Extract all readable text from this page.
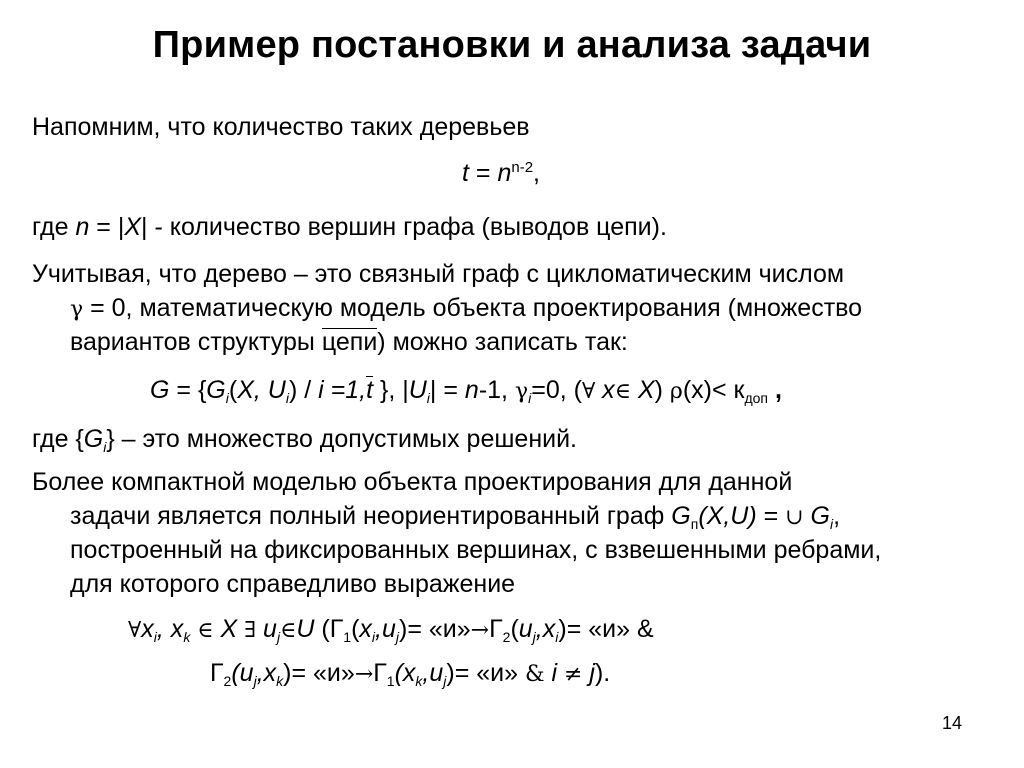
Пример постановки и анализа задачи
Напомним, что количество таких деревьев
$t = n^{n-2}$,
где n = |X| - количество вершин графа (выводов цепи).
Учитывая, что дерево – это связный граф с цикломатическим числом
γ = 0, математическую модель объекта проектирования (множество
вариантов структуры цепи) можно записать так:
$G = \{G_i(X$, $U_i) / i =1,t$ }, $|U_i| = n-1$, $\gamma_i=0$, (∀ x∈ X) $\rho(x)< к_{доп}$ ,
где $\{G_i\}$ – это множество допустимых решений.
Более компактной моделью объекта проектирования для данной
задачи является полный неориентированный граф $G_п(X,U)$ = ∪ $G_i$,
построенный на фиксированных вершинах, с взвешенными ребрами,
для которого справедливо выражение
$\forall x_i$, $x_k$ ∈ X ∃ $u_j\in U$ ($Г_1(x_i,u_j)=$ «$и»\to Г_2(u_j,x_i)=$ «и» &
$Г_2(u_j,x_k)=$ «$и»\to Г_1(x_k,u_j)=$ «и» & i ≠ j).
14
